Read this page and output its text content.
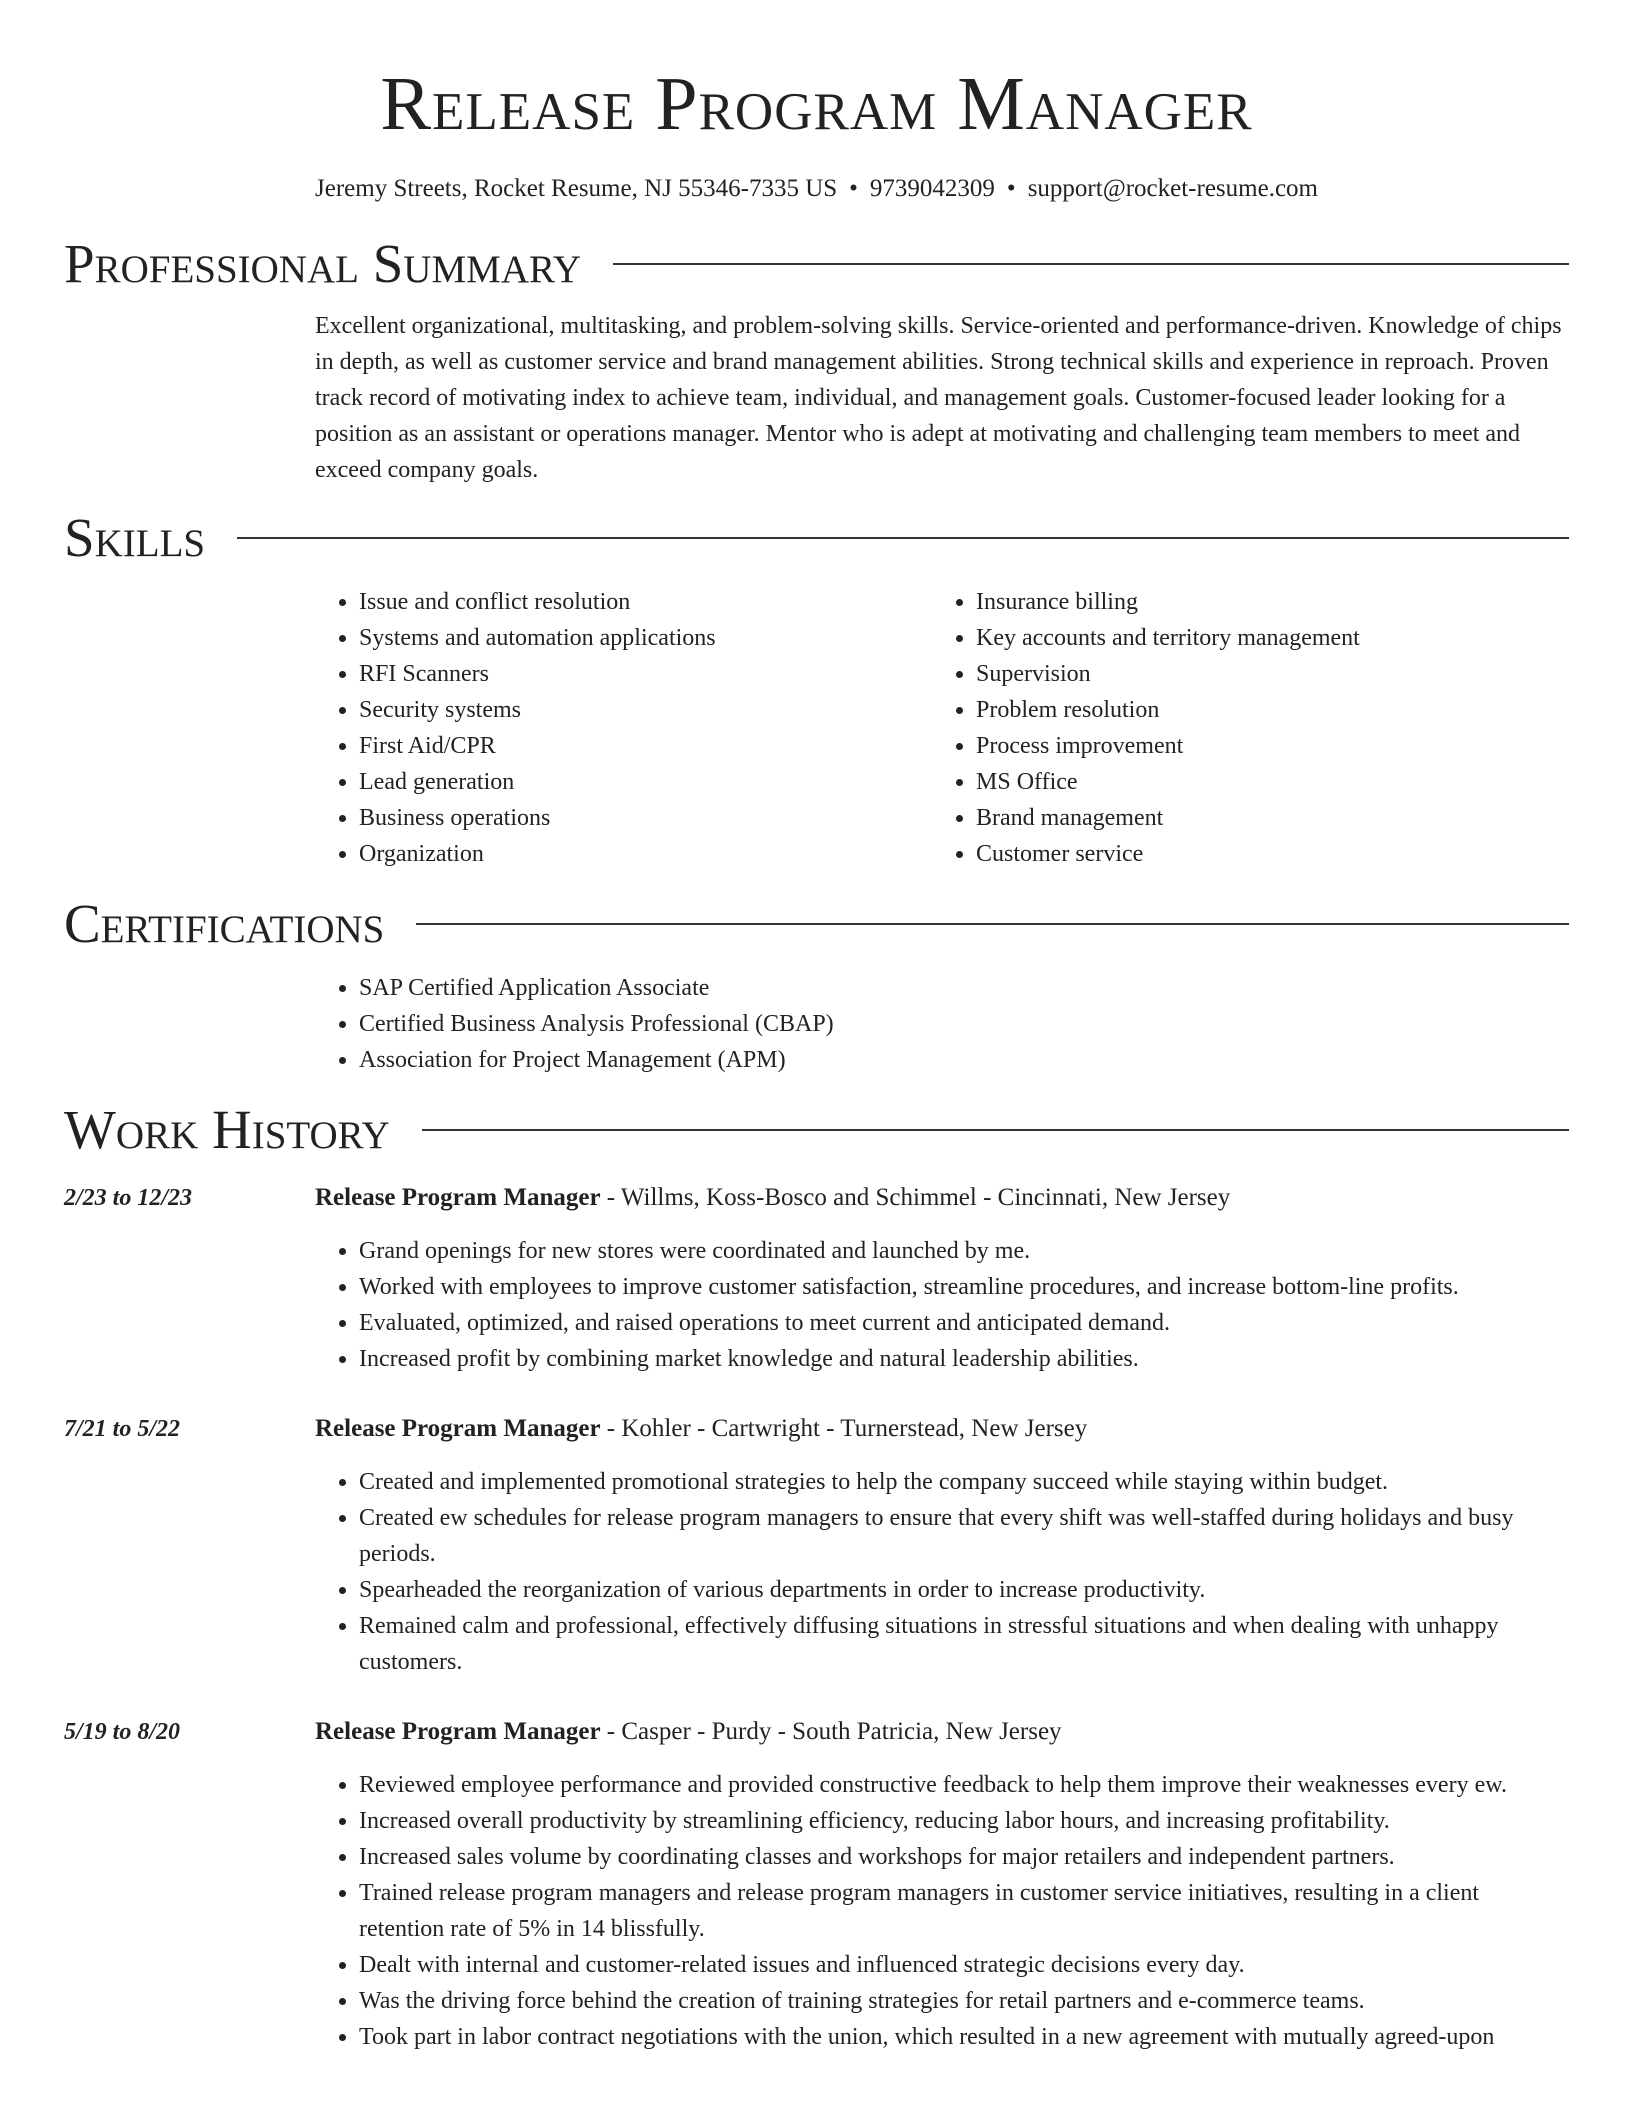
Release Program Manager
Jeremy Streets, Rocket Resume, NJ 55346-7335 US • 9739042309 • support@rocket-resume.com
Professional Summary
Excellent organizational, multitasking, and problem-solving skills. Service-oriented and performance-driven. Knowledge of chips in depth, as well as customer service and brand management abilities. Strong technical skills and experience in reproach. Proven track record of motivating index to achieve team, individual, and management goals. Customer-focused leader looking for a position as an assistant or operations manager. Mentor who is adept at motivating and challenging team members to meet and exceed company goals.
Skills
• Issue and conflict resolution
• Systems and automation applications
• RFI Scanners
• Security systems
• First Aid/CPR
• Lead generation
• Business operations
• Organization
• Insurance billing
• Key accounts and territory management
• Supervision
• Problem resolution
• Process improvement
• MS Office
• Brand management
• Customer service
Certifications
• SAP Certified Application Associate
• Certified Business Analysis Professional (CBAP)
• Association for Project Management (APM)
Work History
2/23 to 12/23	Release Program Manager - Willms, Koss-Bosco and Schimmel - Cincinnati, New Jersey
• Grand openings for new stores were coordinated and launched by me.
• Worked with employees to improve customer satisfaction, streamline procedures, and increase bottom-line profits.
• Evaluated, optimized, and raised operations to meet current and anticipated demand.
• Increased profit by combining market knowledge and natural leadership abilities.
7/21 to 5/22	Release Program Manager - Kohler - Cartwright - Turnerstead, New Jersey
• Created and implemented promotional strategies to help the company succeed while staying within budget.
• Created ew schedules for release program managers to ensure that every shift was well-staffed during holidays and busy periods.
• Spearheaded the reorganization of various departments in order to increase productivity.
• Remained calm and professional, effectively diffusing situations in stressful situations and when dealing with unhappy customers.
5/19 to 8/20	Release Program Manager - Casper - Purdy - South Patricia, New Jersey
• Reviewed employee performance and provided constructive feedback to help them improve their weaknesses every ew.
• Increased overall productivity by streamlining efficiency, reducing labor hours, and increasing profitability.
• Increased sales volume by coordinating classes and workshops for major retailers and independent partners.
• Trained release program managers and release program managers in customer service initiatives, resulting in a client retention rate of 5% in 14 blissfully.
• Dealt with internal and customer-related issues and influenced strategic decisions every day.
• Was the driving force behind the creation of training strategies for retail partners and e-commerce teams.
• Took part in labor contract negotiations with the union, which resulted in a new agreement with mutually agreed-upon
